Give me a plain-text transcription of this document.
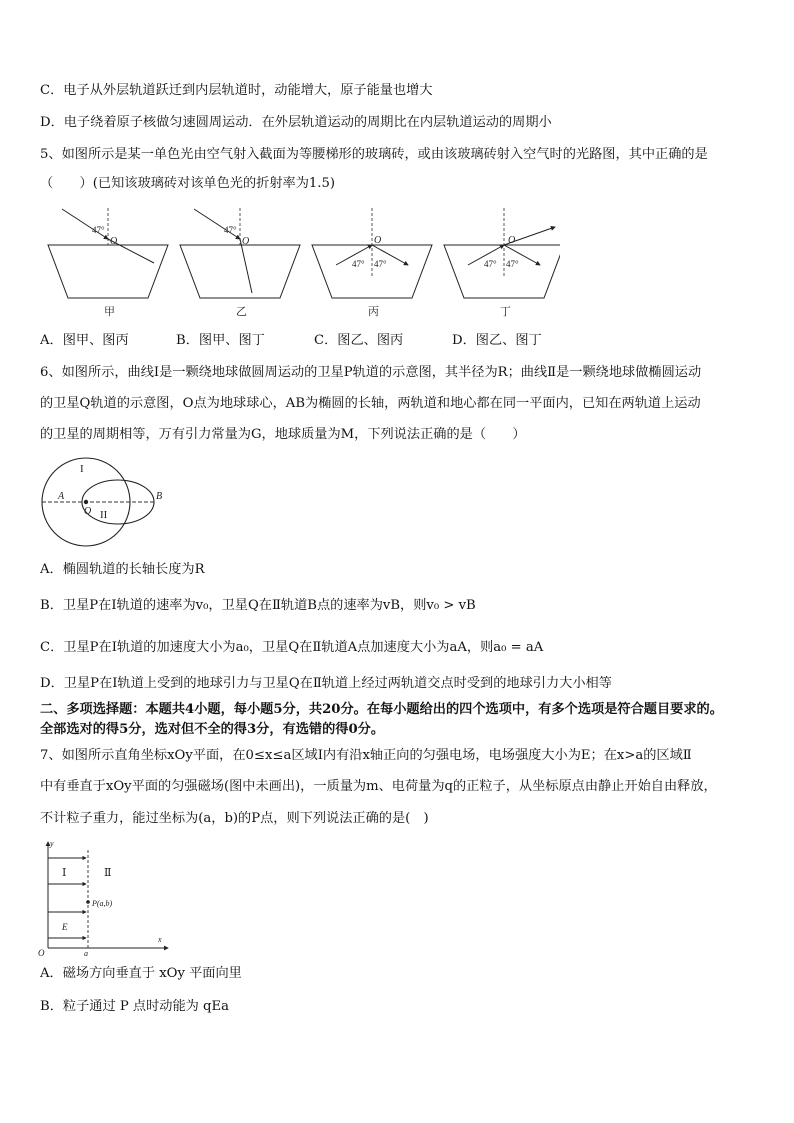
C．电子从外层轨道跃迁到内层轨道时，动能增大，原子能量也增大
D．电子绕着原子核做匀速圆周运动．在外层轨道运动的周期比在内层轨道运动的周期小
5、如图所示是某一单色光由空气射入截面为等腰梯形的玻璃砖，或由该玻璃砖射入空气时的光路图，其中正确的是
（　　）(已知该玻璃砖对该单色光的折射率为1.5)
47°
O
甲
47°
O
乙
47° 47°
O
丙
47° 47°
O
丁
A．图甲、图丙	B．图甲、图丁	C．图乙、图丙	D．图乙、图丁
6、如图所示，曲线Ⅰ是一颗绕地球做圆周运动的卫星P轨道的示意图，其半径为R；曲线Ⅱ是一颗绕地球做椭圆运动
的卫星Q轨道的示意图，O点为地球球心，AB为椭圆的长轴，两轨道和地心都在同一平面内，已知在两轨道上运动
的卫星的周期相等，万有引力常量为G，地球质量为M，下列说法正确的是（　　）
I
II
A	B
O
A．椭圆轨道的长轴长度为R
B．卫星P在Ⅰ轨道的速率为v₀，卫星Q在Ⅱ轨道B点的速率为vB，则v₀ > vB
C．卫星P在Ⅰ轨道的加速度大小为a₀，卫星Q在Ⅱ轨道A点加速度大小为aA，则a₀ = aA
D．卫星P在Ⅰ轨道上受到的地球引力与卫星Q在Ⅱ轨道上经过两轨道交点时受到的地球引力大小相等
二、多项选择题：本题共4小题，每小题5分，共20分。在每小题给出的四个选项中，有多个选项是符合题目要求的。
全部选对的得5分，选对但不全的得3分，有选错的得0分。
7、如图所示直角坐标xOy平面，在0≤x≤a区域Ⅰ内有沿x轴正向的匀强电场，电场强度大小为E；在x>a的区域Ⅱ
中有垂直于xOy平面的匀强磁场(图中未画出)，一质量为m、电荷量为q的正粒子，从坐标原点由静止开始自由释放，
不计粒子重力，能过坐标为(a，b)的P点，则下列说法正确的是(　)
y
x
O	a
Ⅰ	Ⅱ
P(a,b)
E
A．磁场方向垂直于 xOy 平面向里
B．粒子通过 P 点时动能为 qEa
